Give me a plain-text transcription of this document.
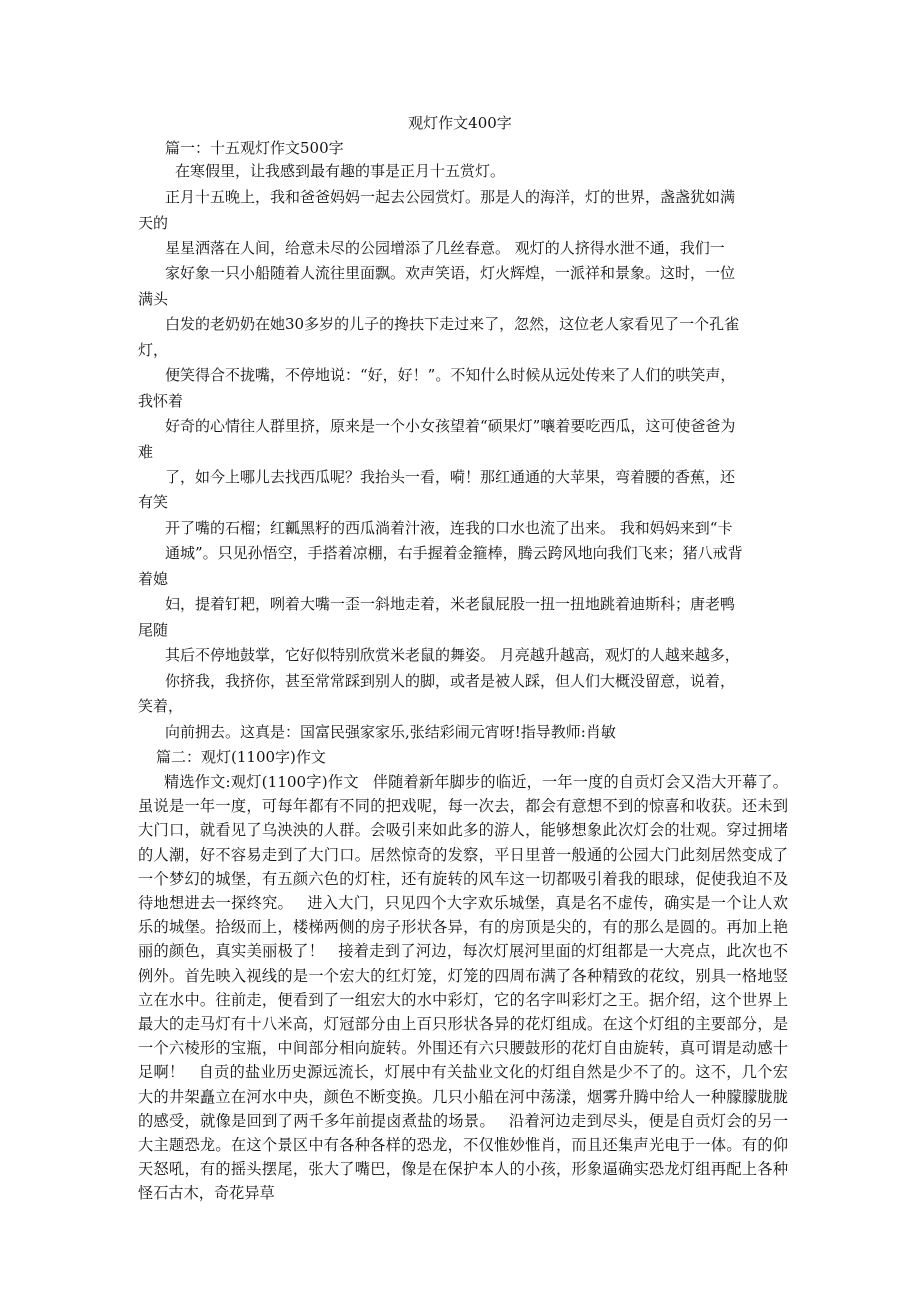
观灯作文400字
篇一：十五观灯作文500字
在寒假里，让我感到最有趣的事是正月十五赏灯。
正月十五晚上，我和爸爸妈妈一起去公园赏灯。那是人的海洋，灯的世界，盏盏犹如满
天的
星星洒落在人间，给意未尽的公园增添了几丝春意。 观灯的人挤得水泄不通，我们一
家好象一只小船随着人流往里面飘。欢声笑语，灯火辉煌，一派祥和景象。这时，一位
满头
白发的老奶奶在她30多岁的儿子的搀扶下走过来了，忽然，这位老人家看见了一个孔雀
灯，
便笑得合不拢嘴，不停地说：“好，好！”。不知什么时候从远处传来了人们的哄笑声，
我怀着
好奇的心情往人群里挤，原来是一个小女孩望着“硕果灯”嚷着要吃西瓜，这可使爸爸为
难
了，如今上哪儿去找西瓜呢？我抬头一看，嗬！那红通通的大苹果，弯着腰的香蕉，还
有笑
开了嘴的石榴；红瓤黑籽的西瓜淌着汁液，连我的口水也流了出来。 我和妈妈来到“卡
通城”。只见孙悟空，手搭着凉棚，右手握着金箍棒，腾云跨风地向我们飞来；猪八戒背
着媳
妇，提着钉耙，咧着大嘴一歪一斜地走着，米老鼠屁股一扭一扭地跳着迪斯科；唐老鸭
尾随
其后不停地鼓掌，它好似特别欣赏米老鼠的舞姿。 月亮越升越高，观灯的人越来越多，
你挤我，我挤你，甚至常常踩到别人的脚，或者是被人踩，但人们大概没留意，说着，
笑着，
向前拥去。这真是：国富民强家家乐,张结彩闹元宵呀!指导教师:肖敏
篇二：观灯(1100字)作文
精选作文:观灯(1100字)作文 伴随着新年脚步的临近，一年一度的自贡灯会又浩大开幕了。虽说是一年一度，可每年都有不同的把戏呢，每一次去，都会有意想不到的惊喜和收获。还未到大门口，就看见了乌泱泱的人群。会吸引来如此多的游人，能够想象此次灯会的壮观。穿过拥堵的人潮，好不容易走到了大门口。居然惊奇的发察，平日里普一般通的公园大门此刻居然变成了一个梦幻的城堡，有五颜六色的灯柱，还有旋转的风车这一切都吸引着我的眼球，促使我迫不及待地想进去一探终究。 进入大门，只见四个大字欢乐城堡，真是名不虚传，确实是一个让人欢乐的城堡。拾级而上，楼梯两侧的房子形状各异，有的房顶是尖的，有的那么是圆的。再加上艳丽的颜色，真实美丽极了！ 接着走到了河边，每次灯展河里面的灯组都是一大亮点，此次也不例外。首先映入视线的是一个宏大的红灯笼，灯笼的四周布满了各种精致的花纹，别具一格地竖立在水中。往前走，便看到了一组宏大的水中彩灯，它的名字叫彩灯之王。据介绍，这个世界上最大的走马灯有十八米高，灯冠部分由上百只形状各异的花灯组成。在这个灯组的主要部分，是一个六棱形的宝瓶，中间部分相向旋转。外围还有六只腰鼓形的花灯自由旋转，真可谓是动感十足啊！ 自贡的盐业历史源远流长，灯展中有关盐业文化的灯组自然是少不了的。这不，几个宏大的井架矗立在河水中央，颜色不断变换。几只小船在河中荡漾，烟雾升腾中给人一种朦朦胧胧的感受，就像是回到了两千多年前提卤煮盐的场景。 沿着河边走到尽头，便是自贡灯会的另一大主题恐龙。在这个景区中有各种各样的恐龙，不仅惟妙惟肖，而且还集声光电于一体。有的仰天怒吼，有的摇头摆尾，张大了嘴巴，像是在保护本人的小孩，形象逼确实恐龙灯组再配上各种怪石古木，奇花异草
